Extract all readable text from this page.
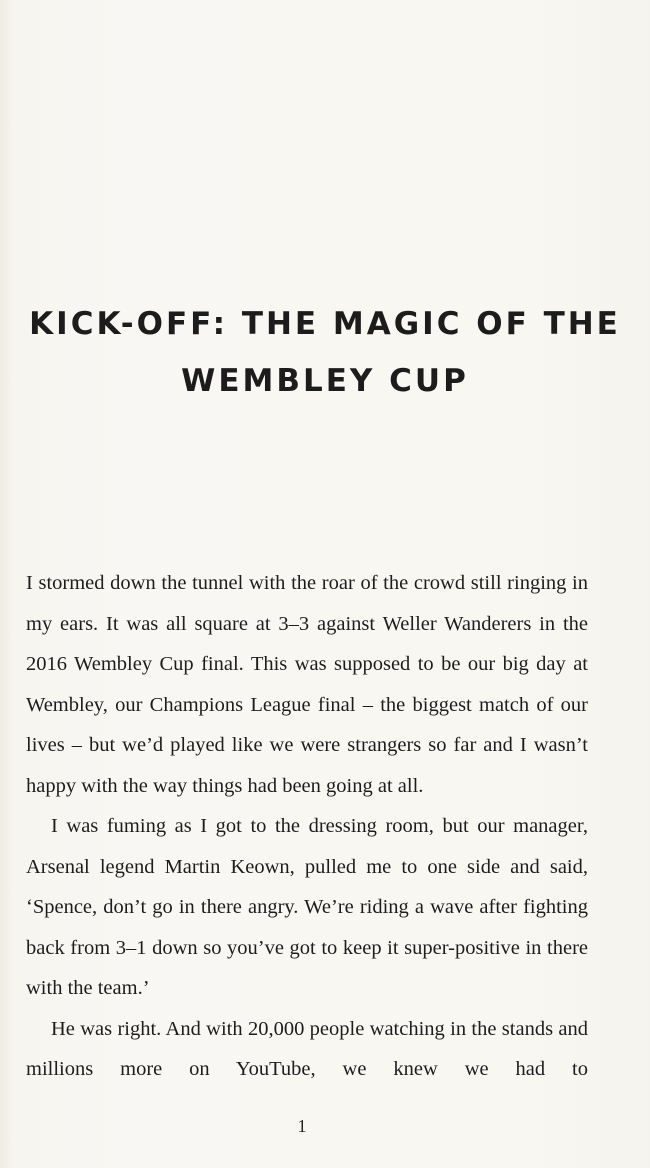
KICK-OFF: THE MAGIC OF THE
WEMBLEY CUP

I stormed down the tunnel with the roar of the crowd still ringing in my ears. It was all square at 3–3 against Weller Wanderers in the 2016 Wembley Cup final. This was supposed to be our big day at Wembley, our Champions League final – the biggest match of our lives – but we’d played like we were strangers so far and I wasn’t happy with the way things had been going at all.

I was fuming as I got to the dressing room, but our manager, Arsenal legend Martin Keown, pulled me to one side and said, ‘Spence, don’t go in there angry. We’re riding a wave after fighting back from 3–1 down so you’ve got to keep it super-positive in there with the team.’

He was right. And with 20,000 people watching in the stands and millions more on YouTube, we knew we had to

1
